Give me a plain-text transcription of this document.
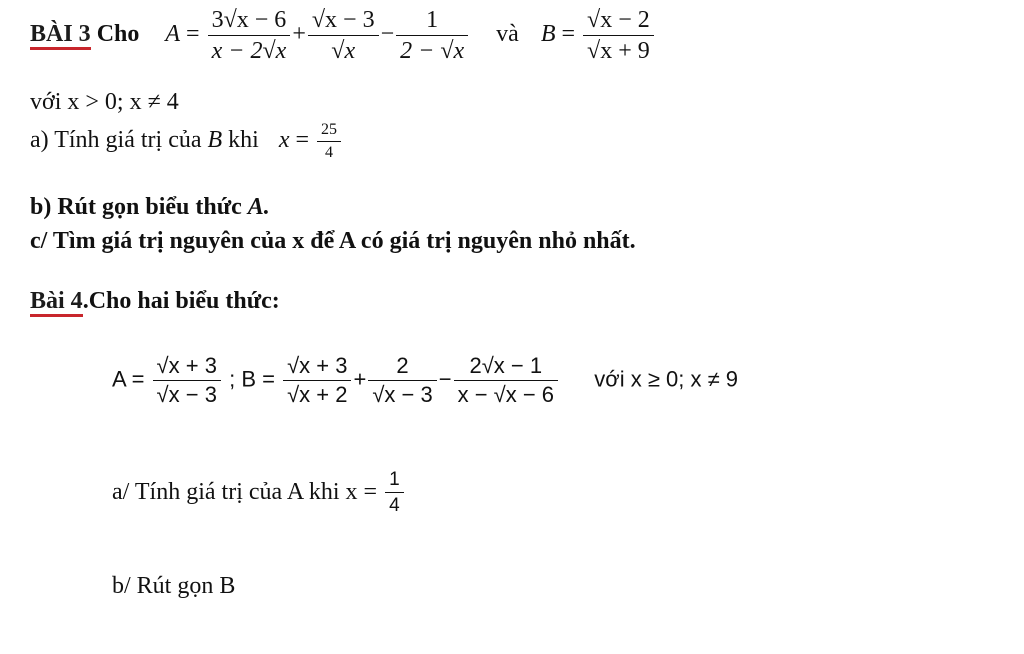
BÀI 3 Cho $A = \frac{3√x - 6}{x - 2√x} + \frac{√x - 3}{√x} - \frac{1}{2 - √x}$ và $B = \frac{√x - 2}{√x + 9}$
với x > 0; x ≠ 4
a) Tính giá trị của B khi $x = \frac{25}{4}$
b) Rút gọn biểu thức A.
c/ Tìm giá trị nguyên của x để A có giá trị nguyên nhỏ nhất.
Bài 4.Cho hai biểu thức:
$A = \frac{√x + 3}{√x - 3}$ ; $B = \frac{√x + 3}{√x + 2} + \frac{2}{√x - 3} - \frac{2√x - 1}{x - √x - 6}$ với x ≥ 0; x ≠ 9
a/ Tính giá trị của A khi $x = \frac{1}{4}$
b/ Rút gọn B
